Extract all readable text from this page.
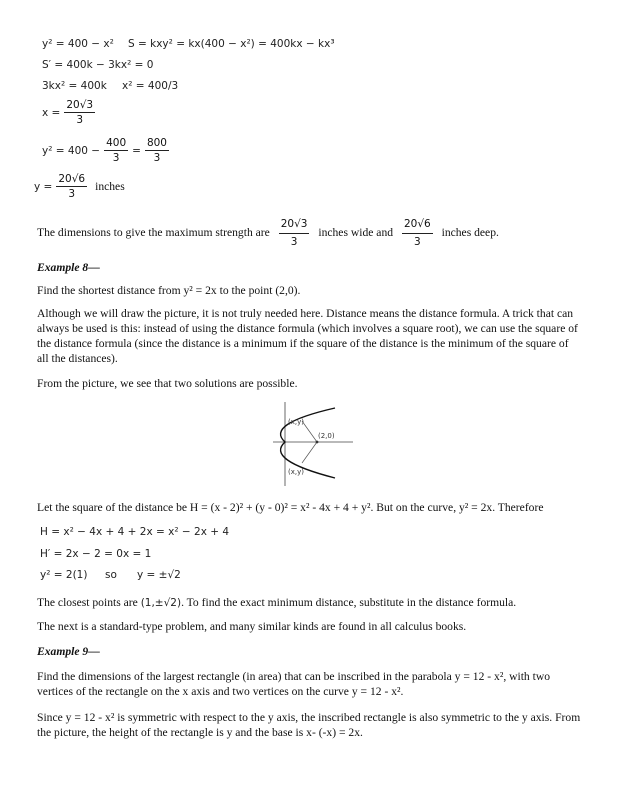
y² = 400 − x² S = kxy² = kx(400 − x²) = 400kx − kx³
S′ = 400k − 3kx² = 0
3kx² = 400k x² = 400/3
$x = \frac{20√3}{3}$
$y^2 = 400 - \frac{400}{3} = \frac{800}{3}$
$y = \frac{20√6}{3}$ inches
The dimensions to give the maximum strength are $\frac{20√3}{3}$ inches wide and $\frac{20√6}{3}$ inches deep.
Example 8—
Find the shortest distance from y² = 2x to the point (2,0).
Although we will draw the picture, it is not truly needed here. Distance means the distance formula. A trick that can always be used is this: instead of using the distance formula (which involves a square root), we can use the square of the distance formula (since the distance is a minimum if the square of the distance is the minimum of the square of all the distances).
From the picture, we see that two solutions are possible.
(x,y)
(2,0)
(x,y)
Let the square of the distance be H = (x - 2)² + (y - 0)² = x² - 4x + 4 + y². But on the curve, y² = 2x. Therefore
H = x² − 4x + 4 + 2x = x² − 2x + 4
H′ = 2x − 2 = 0 x = 1
y² = 2(1) so y = ±√2
The closest points are (1,±√2). To find the exact minimum distance, substitute in the distance formula.
The next is a standard-type problem, and many similar kinds are found in all calculus books.
Example 9—
Find the dimensions of the largest rectangle (in area) that can be inscribed in the parabola y = 12 - x², with two vertices of the rectangle on the x axis and two vertices on the curve y = 12 - x².
Since y = 12 - x² is symmetric with respect to the y axis, the inscribed rectangle is also symmetric to the y axis. From the picture, the height of the rectangle is y and the base is x- (-x) = 2x.
